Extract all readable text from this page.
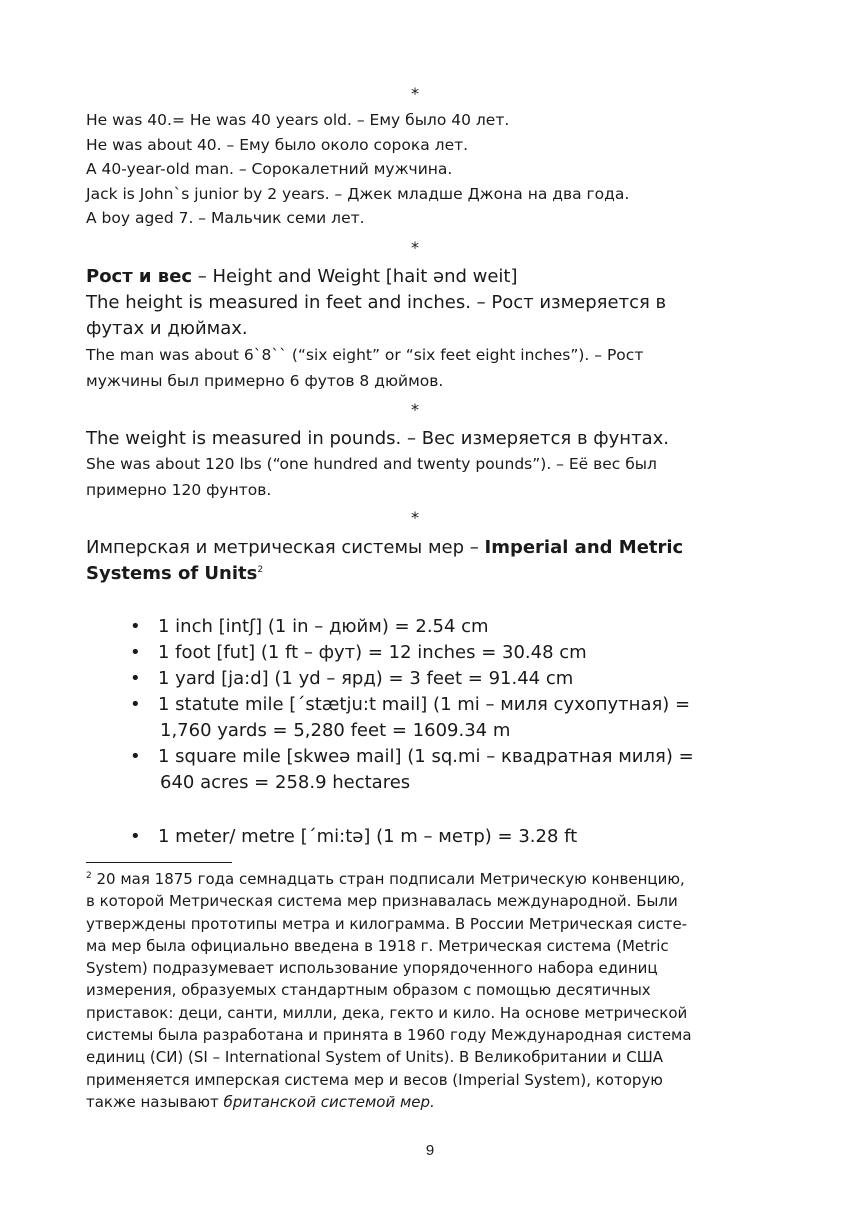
*
He was 40.= He was 40 years old. – Ему было 40 лет.
He was about 40. – Ему было около сорока лет.
A 40-year-old man. – Сорокалетний мужчина.
Jack is John`s junior by 2 years. – Джек младше Джона на два года.
A boy aged 7. – Мальчик семи лет.
*
Рост и вес – Height and Weight [hait ənd weit]
The height is measured in feet and inches. – Рост измеряется в
футах и дюймах.
The man was about 6`8`` (“six eight” or “six feet eight inches”). – Рост
мужчины был примерно 6 футов 8 дюймов.
*
The weight is measured in pounds. – Вес измеряется в фунтах.
She was about 120 lbs (“one hundred and twenty pounds”). – Её вес был
примерно 120 фунтов.
*
Имперская и метрическая системы мер – Imperial and Metric
Systems of Units$^2$
• 1 inch [intʃ] (1 in – дюйм) = 2.54 cm
• 1 foot [fut] (1 ft – фут) = 12 inches = 30.48 cm
• 1 yard [ja:d] (1 yd – ярд) = 3 feet = 91.44 cm
• 1 statute mile [ˊstætju:t mail] (1 mi – миля сухопутная) =
1,760 yards = 5,280 feet = 1609.34 m
• 1 square mile [skweə mail] (1 sq.mi – квадратная миля) =
640 acres = 258.9 hectares
• 1 meter/ metre [ˊmi:tə] (1 m – метр) = 3.28 ft
$^2$ 20 мая 1875 года семнадцать стран подписали Метрическую конвенцию,
в которой Метрическая система мер признавалась международной. Были
утверждены прототипы метра и килограмма. В России Метрическая систе-
ма мер была официально введена в 1918 г. Метрическая система (Metric
System) подразумевает использование упорядоченного набора единиц
измерения, образуемых стандартным образом с помощью десятичных
приставок: деци, санти, милли, дека, гекто и кило. На основе метрической
системы была разработана и принята в 1960 году Международная система
единиц (СИ) (SI – International System of Units). В Великобритании и США
применяется имперская система мер и весов (Imperial System), которую
также называют британской системой мер.
9
